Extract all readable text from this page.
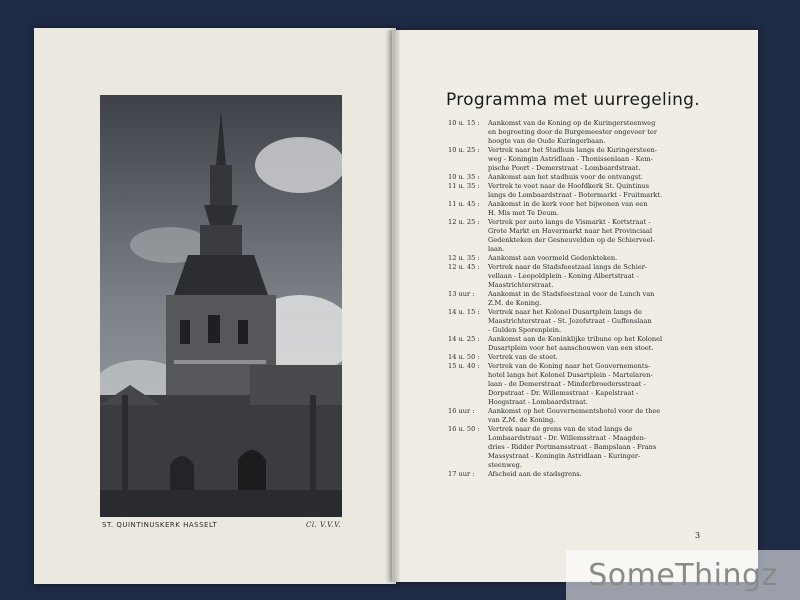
ST. QUINTINUSKERK HASSELT	Cl. V.V.V.
Programma met uurregeling.
10 u. 15 :	Aankomst van de Koning op de Kuringersteenweg
en begroeting door de Burgemeester ongeveer ter
hoogte van de Oude Kuringerbaan.
10 u. 25 :	Vertrek naar het Stadhuis langs de Kuringersteen-
weg - Koningin Astridlaan - Thonissenlaan - Kem-
pische Poort - Demerstraat - Lombaardstraat.
10 u. 35 :	Aankomst aan het stadhuis voor de ontvangst.
11 u. 35 :	Vertrek te voet naar de Hoofdkerk St. Quintinus
langs de Lombaardstraat - Botermarkt - Fruitmarkt.
11 u. 45 :	Aankomst in de kerk voor het bijwonen van een
H. Mis met Te Deum.
12 u. 25 :	Vertrek per auto langs de Vismarkt - Kortstraat -
Grote Markt en Havermarkt naar het Provinciaal
Gedenkteken der Gesneuvelden op de Schierveel-
laan.
12 u. 35 :	Aankomst aan voormeld Gedenkteken.
12 u. 45 :	Vertrek naar de Stadsfeestzaal langs de Schier-
vellaan - Leopoldplein - Koning Albertstraat -
Maastrichterstraat.
13 uur :	Aankomst in de Stadsfeestzaal voor de Lunch van
Z.M. de Koning.
14 u. 15 :	Vertrek naar het Kolonel Dusartplein langs de
Maastrichterstraat - St. Jozefstraat - Guffenslaan
- Gulden Sporenplein.
14 u. 25 :	Aankomst aan de Koninklijke tribune op het Kolonel
Dusartplein voor het aanschouwen van een stoet.
14 u. 50 :	Vertrek van de stoet.
15 u. 40 :	Vertrek van de Koning naar het Gouvernements-
hotel langs het Kolonel Dusartplein - Martelaren-
laan - de Demerstraat - Minderbroedersstraat -
Dorpstraat - Dr. Willemsstraat - Kapelstraat -
Hoogstraat - Lombaardstraat.
16 uur :	Aankomst op het Gouvernementshotel voor de thee
van Z.M. de Koning.
16 u. 50 :	Vertrek naar de grens van de stad langs de
Lombaardstraat - Dr. Willemsstraat - Maagden-
dries - Ridder Portmansstraat - Bampslaan - Frans
Massystraat - Koningin Astridlaan - Kuringer-
steenweg.
17 uur :	Afscheid aan de stadsgrens.
3
SomeThingz
